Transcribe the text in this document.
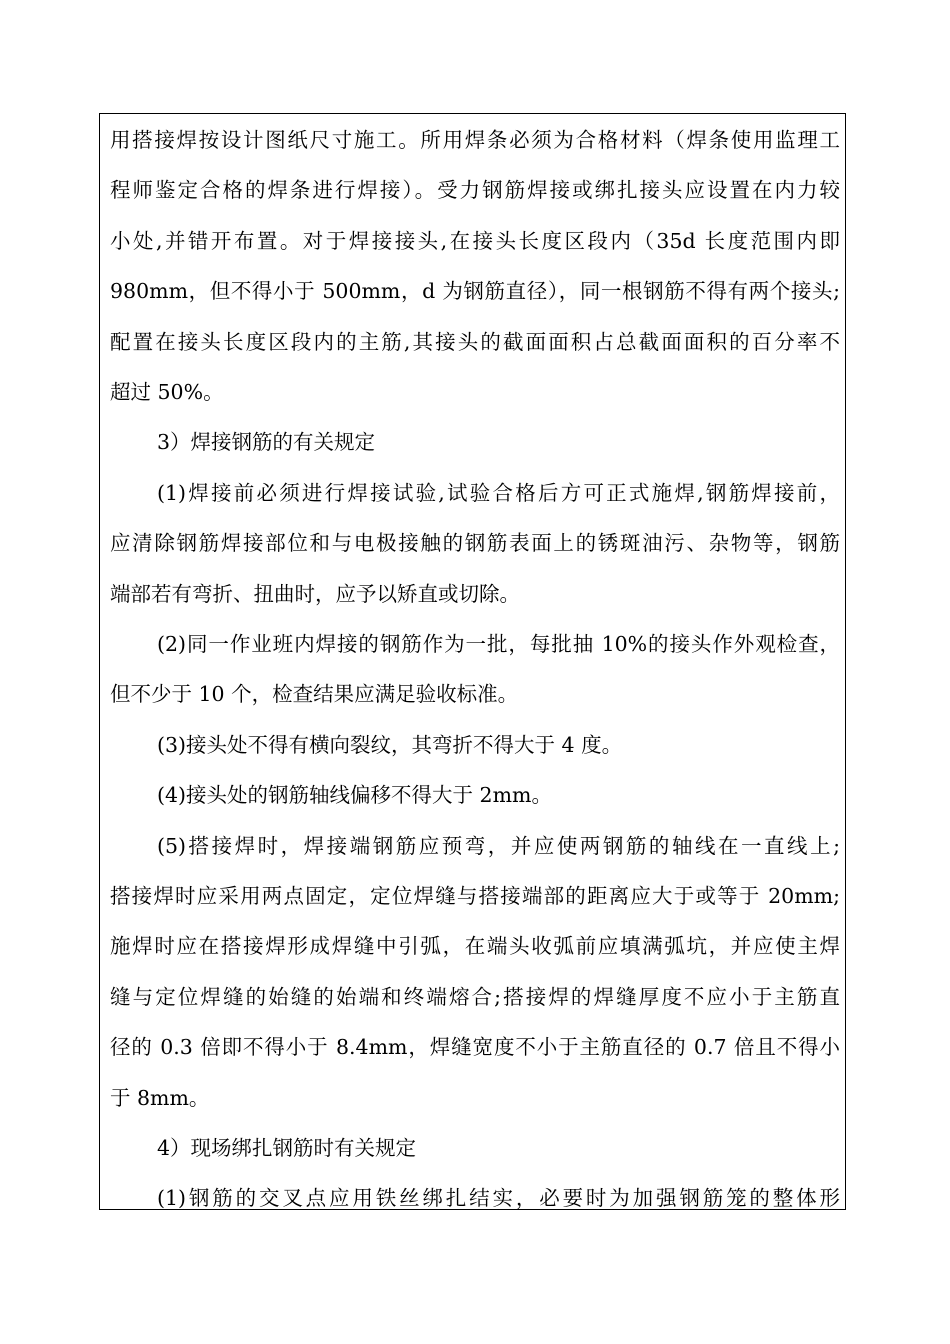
用搭接焊按设计图纸尺寸施工。所用焊条必须为合格材料（焊条使用监理工
程师鉴定合格的焊条进行焊接）。受力钢筋焊接或绑扎接头应设置在内力较
小处,并错开布置。对于焊接接头,在接头长度区段内（35d 长度范围内即
980mm，但不得小于 500mm，d 为钢筋直径），同一根钢筋不得有两个接头;
配置在接头长度区段内的主筋,其接头的截面面积占总截面面积的百分率不
超过 50%。
3）焊接钢筋的有关规定
(1)焊接前必须进行焊接试验,试验合格后方可正式施焊,钢筋焊接前，
应清除钢筋焊接部位和与电极接触的钢筋表面上的锈斑油污、杂物等，钢筋
端部若有弯折、扭曲时，应予以矫直或切除。
(2)同一作业班内焊接的钢筋作为一批，每批抽 10%的接头作外观检查，
但不少于 10 个，检查结果应满足验收标准。
(3)接头处不得有横向裂纹，其弯折不得大于 4 度。
(4)接头处的钢筋轴线偏移不得大于 2mm。
(5)搭接焊时，焊接端钢筋应预弯，并应使两钢筋的轴线在一直线上;
搭接焊时应采用两点固定，定位焊缝与搭接端部的距离应大于或等于 20mm;
施焊时应在搭接焊形成焊缝中引弧，在端头收弧前应填满弧坑，并应使主焊
缝与定位焊缝的始缝的始端和终端熔合;搭接焊的焊缝厚度不应小于主筋直
径的 0.3 倍即不得小于 8.4mm，焊缝宽度不小于主筋直径的 0.7 倍且不得小
于 8mm。
4）现场绑扎钢筋时有关规定
(1)钢筋的交叉点应用铁丝绑扎结实，必要时为加强钢筋笼的整体形
